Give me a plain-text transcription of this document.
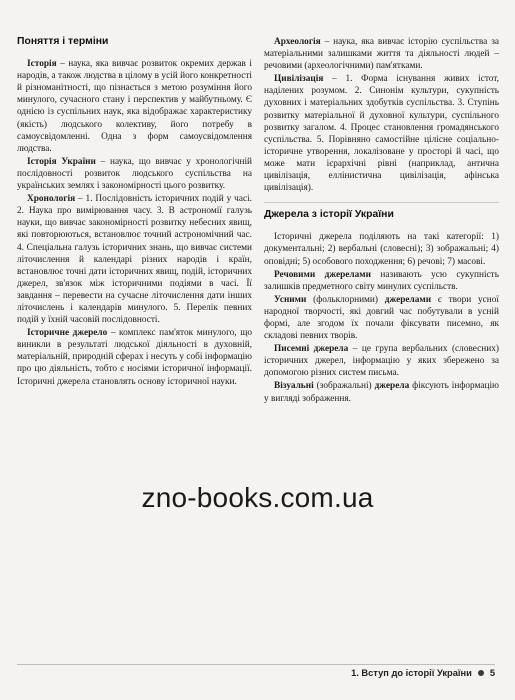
Поняття і терміни

Історія – наука, яка вивчає розвиток окремих держав і народів, а також людства в цілому в усій його конкретності й різноманітності, що пізнається з метою розуміння його минулого, сучасного стану і перспектив у майбутньому. Є однією із суспільних наук, яка відображає характеристику (якість) людського колективу, його потребу в самоусвідомленні. Одна з форм самоусвідомлення людства.

Історія України – наука, що вивчає у хронологічній послідовності розвиток людського суспільства на українських землях і закономірності цього розвитку.

Хронологія – 1. Послідовність історичних подій у часі. 2. Наука про вимірювання часу. 3. В астрономії галузь науки, що вивчає закономірності розвитку небесних явищ, які повторюються, встановлює точний астрономічний час. 4. Спеціальна галузь історичних знань, що вивчає системи літочислення й календарі різних народів і країн, встановлює точні дати історичних явищ, подій, історичних джерел, зв'язок між історичними подіями в часі. Її завдання – перевести на сучасне літочислення дати інших літочислень і календарів минулого. 5. Перелік певних подій у їхній часовій послідовності.

Історичне джерело – комплекс пам'яток минулого, що виникли в результаті людської діяльності в духовній, матеріальній, природній сферах і несуть у собі інформацію про цю діяльність, тобто є носіями історичної інформації. Історичні джерела становлять основу історичної науки.

Археологія – наука, яка вивчає історію суспільства за матеріальними залишками життя та діяльності людей – речовими (археологічними) пам'ятками.

Цивілізація – 1. Форма існування живих істот, наділених розумом. 2. Синонім культури, сукупність духовних і матеріальних здобутків суспільства. 3. Ступінь розвитку матеріальної й духовної культури, суспільного розвитку загалом. 4. Процес становлення громадянського суспільства. 5. Порівняно самостійне цілісне соціально-історичне утворення, локалізоване у просторі й часі, що може мати ієрархічні рівні (наприклад, антична цивілізація, еллінистична цивілізація, афінська цивілізація).

Джерела з історії України

Історичні джерела поділяють на такі категорії: 1) документальні; 2) вербальні (словесні); 3) зображальні; 4) оповідні; 5) особового походження; 6) речові; 7) масові.

Речовими джерелами називають усю сукупність залишків предметного світу минулих суспільств.

Усними (фольклорними) джерелами є твори усної народної творчості, які довгий час побутували в усній формі, але згодом їх почали фіксувати писемно, як складові певних творів.

Писемні джерела – це група вербальних (словесних) історичних джерел, інформацію у яких збережено за допомогою різних систем письма.

Візуальні (зображальні) джерела фіксують інформацію у вигляді зображення.

zno-books.com.ua
1. Вступ до історії України 5
